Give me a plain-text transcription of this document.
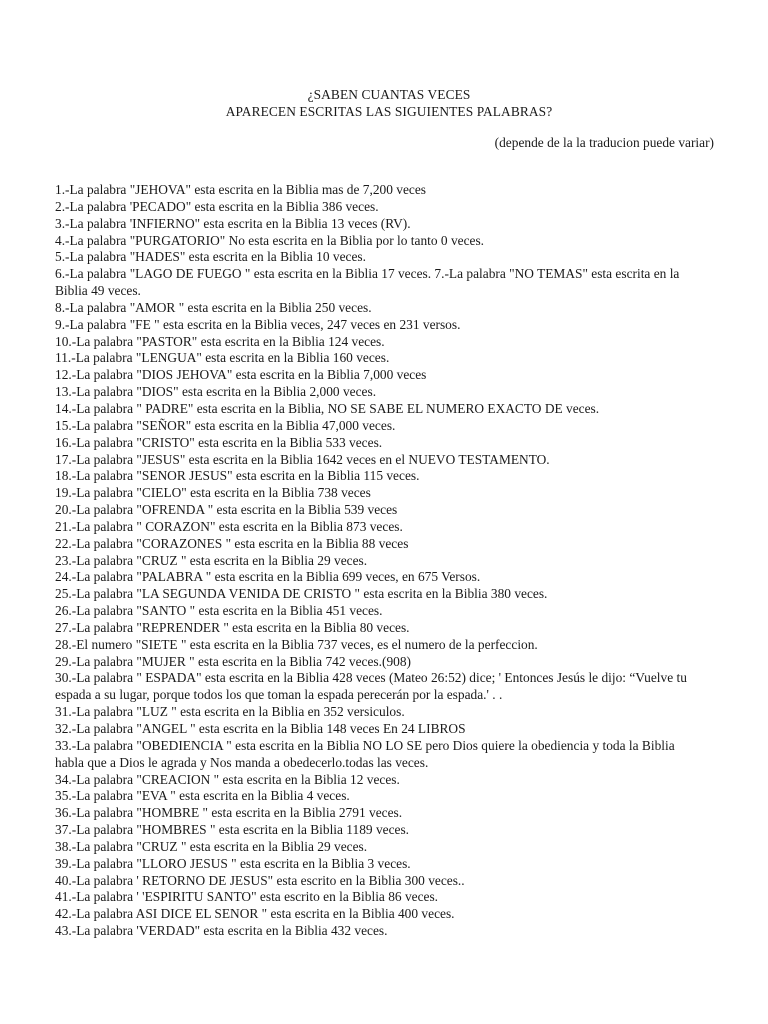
¿SABEN CUANTAS VECES
APARECEN ESCRITAS LAS SIGUIENTES PALABRAS?
(depende de la la traducion puede variar)
1.-La palabra "JEHOVA" esta escrita en la Biblia mas de 7,200 veces
2.-La palabra 'PECADO" esta escrita en la Biblia 386 veces.
3.-La palabra 'INFIERNO" esta escrita en la Biblia 13 veces (RV).
4.-La palabra "PURGATORIO" No esta escrita en la Biblia por lo tanto 0 veces.
5.-La palabra "HADES" esta escrita en la Biblia 10 veces.
6.-La palabra "LAGO DE FUEGO " esta escrita en la Biblia 17 veces. 7.-La palabra "NO TEMAS" esta escrita en la Biblia 49 veces.
8.-La palabra "AMOR " esta escrita en la Biblia 250 veces.
9.-La palabra "FE " esta escrita en la Biblia veces, 247 veces en 231 versos.
10.-La palabra "PASTOR" esta escrita en la Biblia 124 veces.
11.-La palabra "LENGUA" esta escrita en la Biblia 160 veces.
12.-La palabra "DIOS JEHOVA" esta escrita en la Biblia 7,000 veces
13.-La palabra "DIOS" esta escrita en la Biblia 2,000 veces.
14.-La palabra " PADRE" esta escrita en la Biblia, NO SE SABE EL NUMERO EXACTO DE veces.
15.-La palabra "SEÑOR" esta escrita en la Biblia 47,000 veces.
16.-La palabra "CRISTO" esta escrita en la Biblia 533 veces.
17.-La palabra "JESUS" esta escrita en la Biblia 1642 veces en el NUEVO TESTAMENTO.
18.-La palabra "SENOR JESUS" esta escrita en la Biblia 115 veces.
19.-La palabra "CIELO" esta escrita en la Biblia 738 veces
20.-La palabra "OFRENDA " esta escrita en la Biblia 539 veces
21.-La palabra " CORAZON" esta escrita en la Biblia 873 veces.
22.-La palabra "CORAZONES " esta escrita en la Biblia 88 veces
23.-La palabra "CRUZ " esta escrita en la Biblia 29 veces.
24.-La palabra "PALABRA " esta escrita en la Biblia 699 veces, en 675 Versos.
25.-La palabra "LA SEGUNDA VENIDA DE CRISTO " esta escrita en la Biblia 380 veces.
26.-La palabra "SANTO " esta escrita en la Biblia 451 veces.
27.-La palabra "REPRENDER " esta escrita en la Biblia 80 veces.
28.-El numero "SIETE " esta escrita en la Biblia 737 veces, es el numero de la perfeccion.
29.-La palabra "MUJER " esta escrita en la Biblia 742 veces.(908)
30.-La palabra " ESPADA" esta escrita en la Biblia 428 veces (Mateo 26:52) dice; ' Entonces Jesús le dijo: “Vuelve tu espada a su lugar, porque todos los que toman la espada perecerán por la espada.' . .
31.-La palabra "LUZ " esta escrita en la Biblia en 352 versiculos.
32.-La palabra "ANGEL " esta escrita en la Biblia 148 veces En 24 LIBROS
33.-La palabra "OBEDIENCIA " esta escrita en la Biblia NO LO SE pero Dios quiere la obediencia y toda la Biblia habla que a Dios le agrada y Nos manda a obedecerlo.todas las veces.
34.-La palabra "CREACION " esta escrita en la Biblia 12 veces.
35.-La palabra "EVA " esta escrita en la Biblia 4 veces.
36.-La palabra "HOMBRE " esta escrita en la Biblia 2791 veces.
37.-La palabra "HOMBRES " esta escrita en la Biblia 1189 veces.
38.-La palabra "CRUZ " esta escrita en la Biblia 29 veces.
39.-La palabra "LLORO JESUS " esta escrita en la Biblia 3 veces.
40.-La palabra ' RETORNO DE JESUS" esta escrito en la Biblia 300 veces..
41.-La palabra ' 'ESPIRITU SANTO" esta escrito en la Biblia 86 veces.
42.-La palabra ASI DICE EL SENOR " esta escrita en la Biblia 400 veces.
43.-La palabra 'VERDAD" esta escrita en la Biblia 432 veces.
